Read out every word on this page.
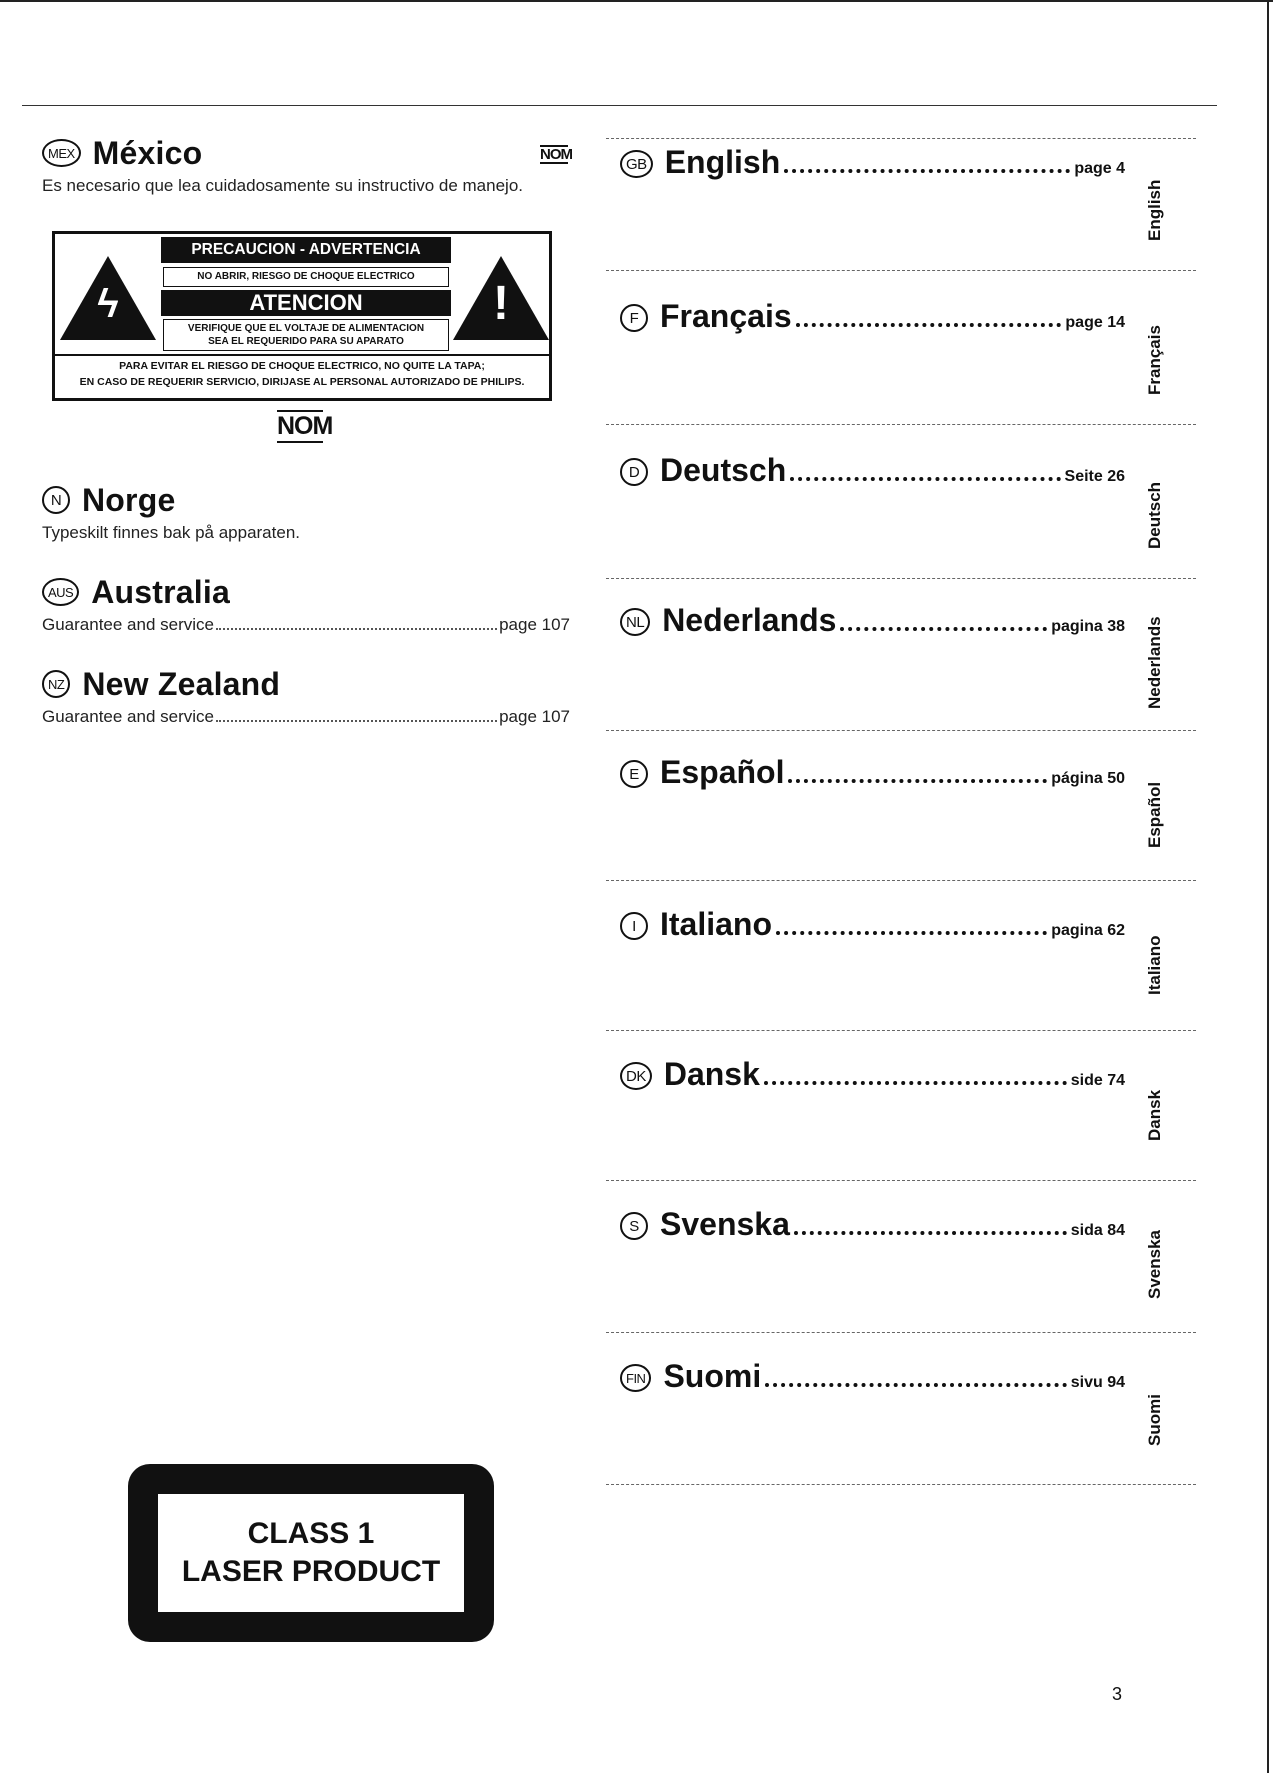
MEX México
Es necesario que lea cuidadosamente su instructivo de manejo.
NOM
ϟ
PRECAUCION - ADVERTENCIA
NO ABRIR, RIESGO DE CHOQUE ELECTRICO
ATENCION
VERIFIQUE QUE EL VOLTAJE DE ALIMENTACION
SEA EL REQUERIDO PARA SU APARATO
!
PARA EVITAR EL RIESGO DE CHOQUE ELECTRICO, NO QUITE LA TAPA;
EN CASO DE REQUERIR SERVICIO, DIRIJASE AL PERSONAL AUTORIZADO DE PHILIPS.
NOM
N Norge
Typeskilt finnes bak på apparaten.
AUS Australia
Guarantee and service	page 107
NZ New Zealand
Guarantee and service	page 107
GB English	page 4
English
F Français	page 14
Français
D Deutsch	Seite 26
Deutsch
NL Nederlands	pagina 38 Nederlands
E Español	página 50
Español
I Italiano	pagina 62
Italiano
DK Dansk	side 74
Dansk
S Svenska	sida 84 Svenska
FIN Suomi	sivu 94
Suomi
CLASS 1
LASER PRODUCT
3
